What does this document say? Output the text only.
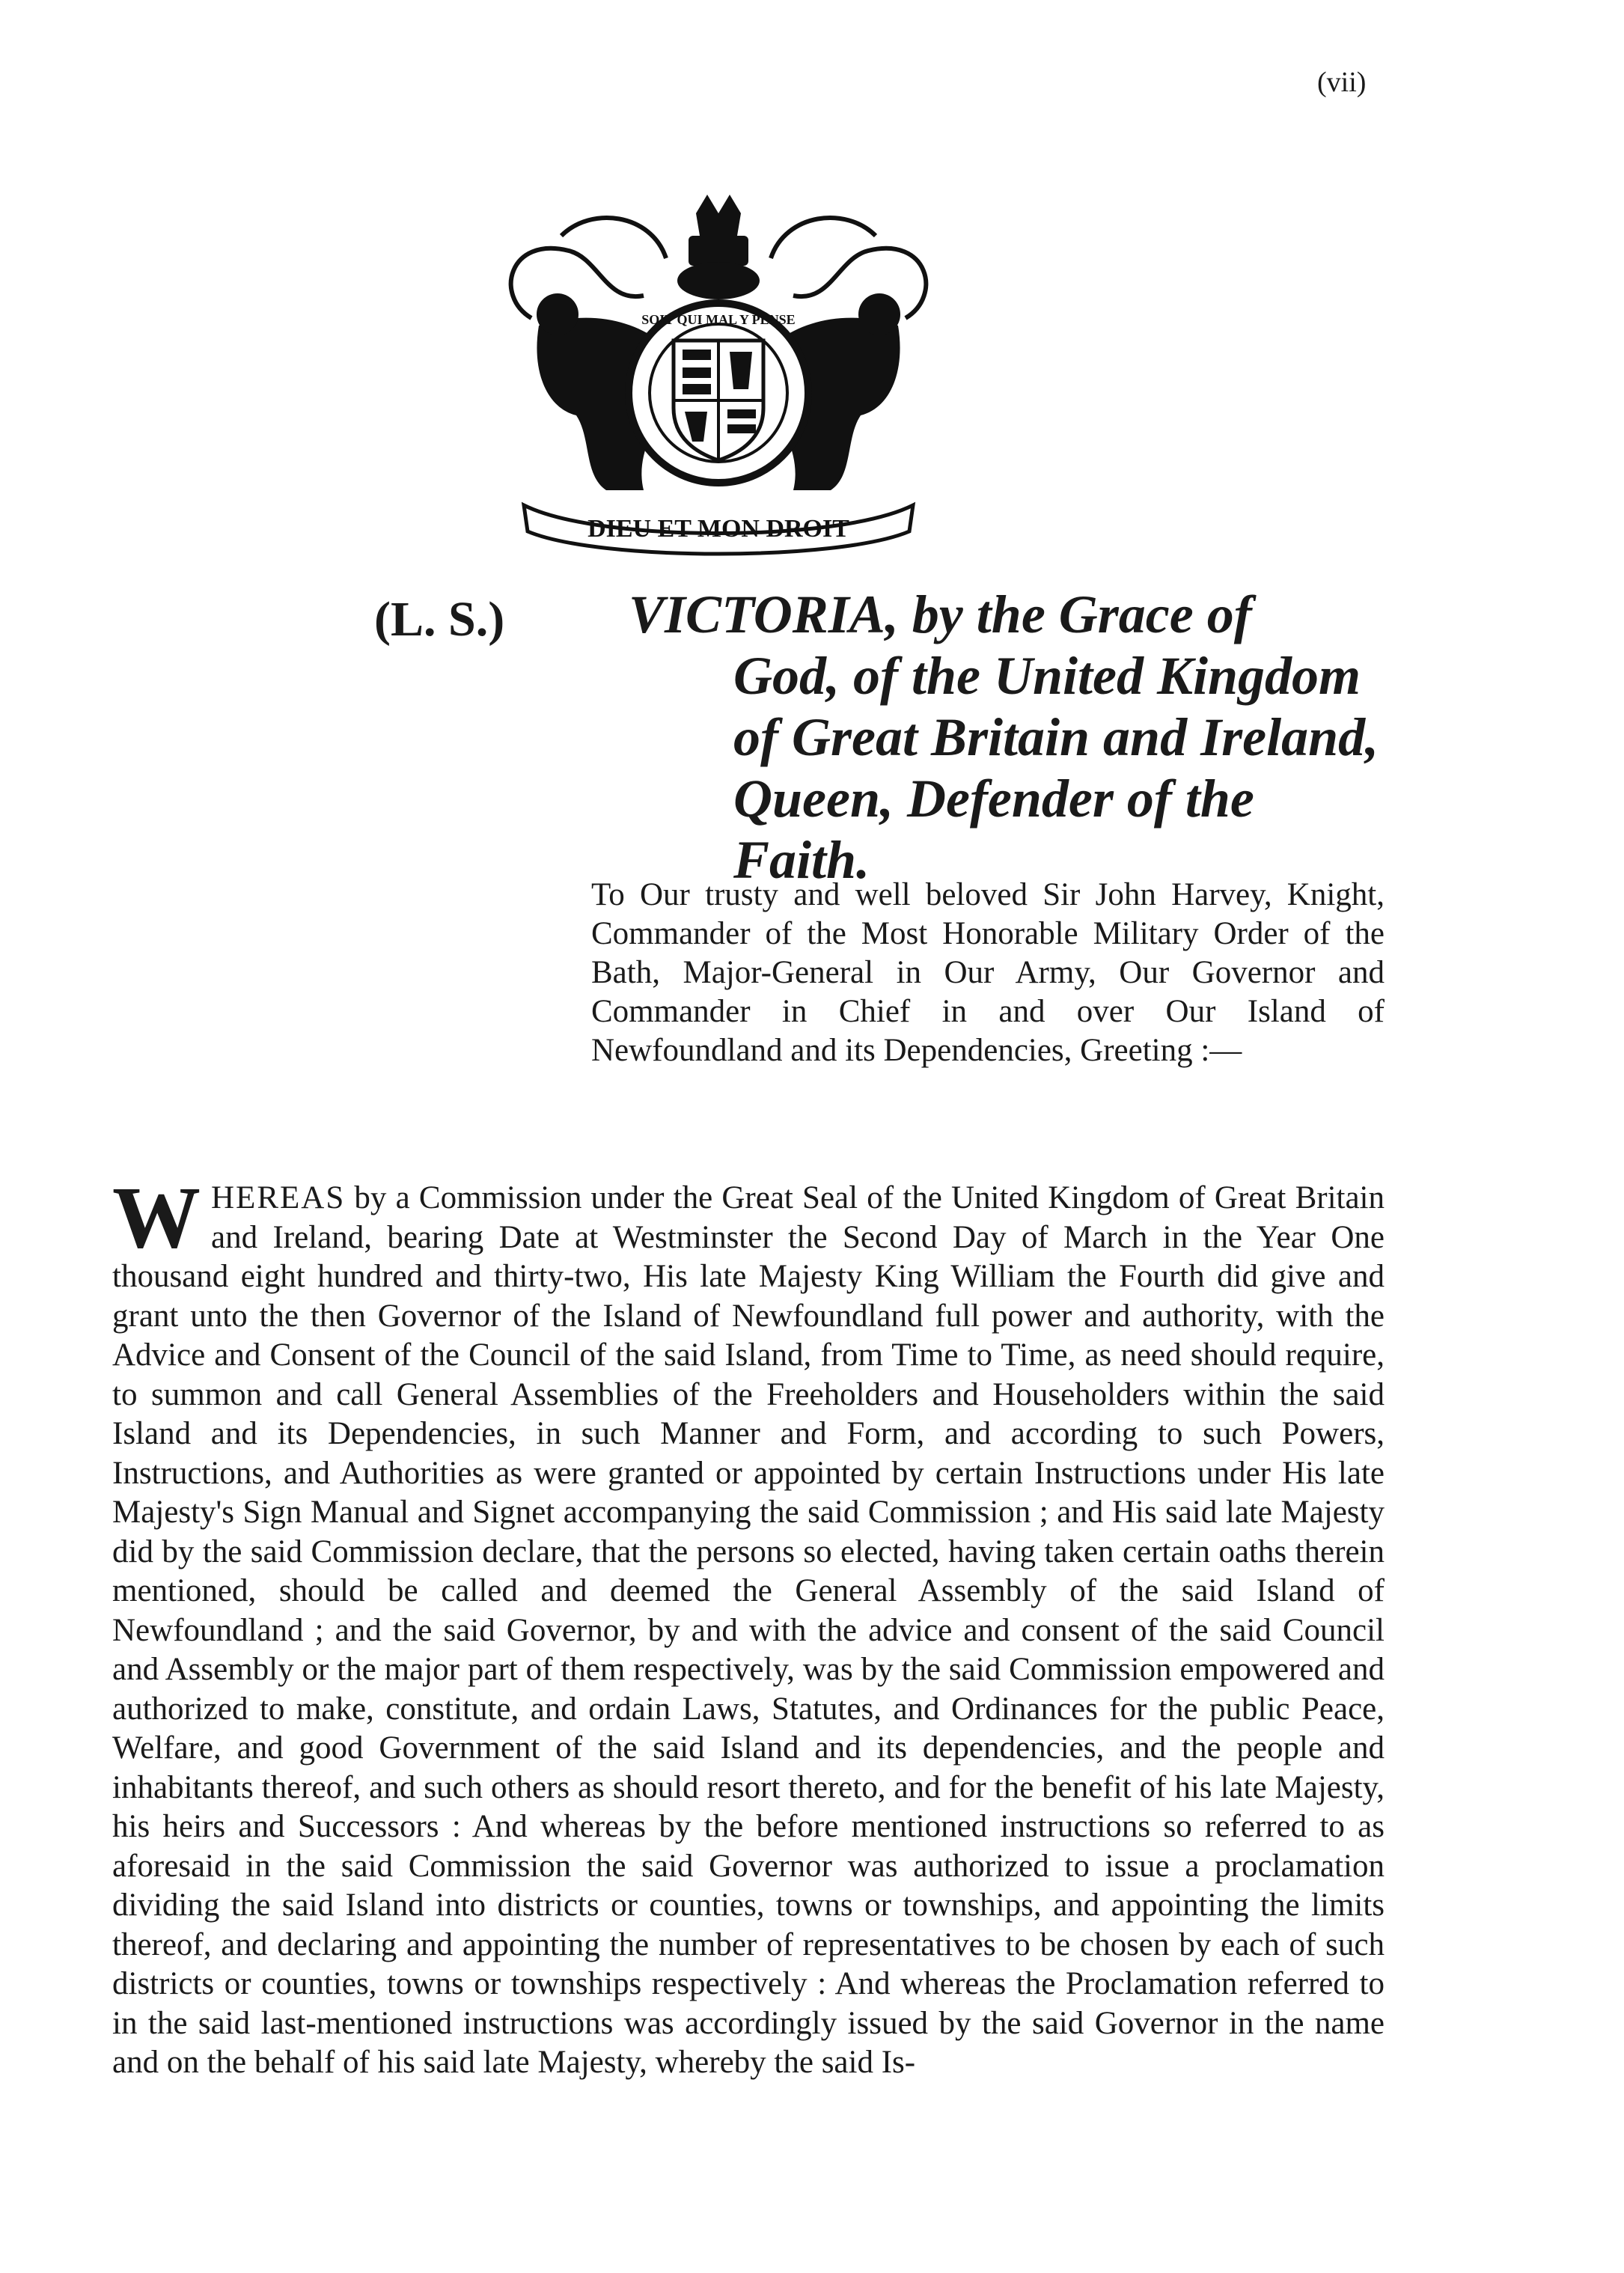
(vii)
DIEU ET MON DROIT
SOIT QUI MAL Y PENSE
(L. S.) VICTORIA, by the Grace of
God, of the United Kingdom of Great Britain and Ireland, Queen, Defender of the Faith.

To Our trusty and well beloved Sir John Harvey, Knight, Commander of the Most Honorable Military Order of the Bath, Major-General in Our Army, Our Governor and Commander in Chief in and over Our Island of Newfoundland and its Dependencies, Greeting :—

W HEREAS by a Commission under the Great Seal of the United Kingdom of Great Britain and Ireland, bearing Date at Westminster the Second Day of March in the Year One thousand eight hundred and thirty-two, His late Majesty King William the Fourth did give and grant unto the then Governor of the Island of Newfoundland full power and authority, with the Advice and Consent of the Council of the said Island, from Time to Time, as need should require, to summon and call General Assemblies of the Freeholders and Householders within the said Island and its Dependencies, in such Manner and Form, and according to such Powers, Instructions, and Authorities as were granted or appointed by certain Instructions under His late Majesty's Sign Manual and Signet accompanying the said Commission ; and His said late Majesty did by the said Commission declare, that the persons so elected, having taken certain oaths therein mentioned, should be called and deemed the General Assembly of the said Island of Newfoundland ; and the said Governor, by and with the advice and consent of the said Council and Assembly or the major part of them respectively, was by the said Commission empowered and authorized to make, constitute, and ordain Laws, Statutes, and Ordinances for the public Peace, Welfare, and good Government of the said Island and its dependencies, and the people and inhabitants thereof, and such others as should resort thereto, and for the benefit of his late Majesty, his heirs and Successors : And whereas by the before mentioned instructions so referred to as aforesaid in the said Commission the said Governor was authorized to issue a proclamation dividing the said Island into districts or counties, towns or townships, and appointing the limits thereof, and declaring and appointing the number of representatives to be chosen by each of such districts or counties, towns or townships respectively : And whereas the Proclamation referred to in the said last-mentioned instructions was accordingly issued by the said Governor in the name and on the behalf of his said late Majesty, whereby the said Is-
